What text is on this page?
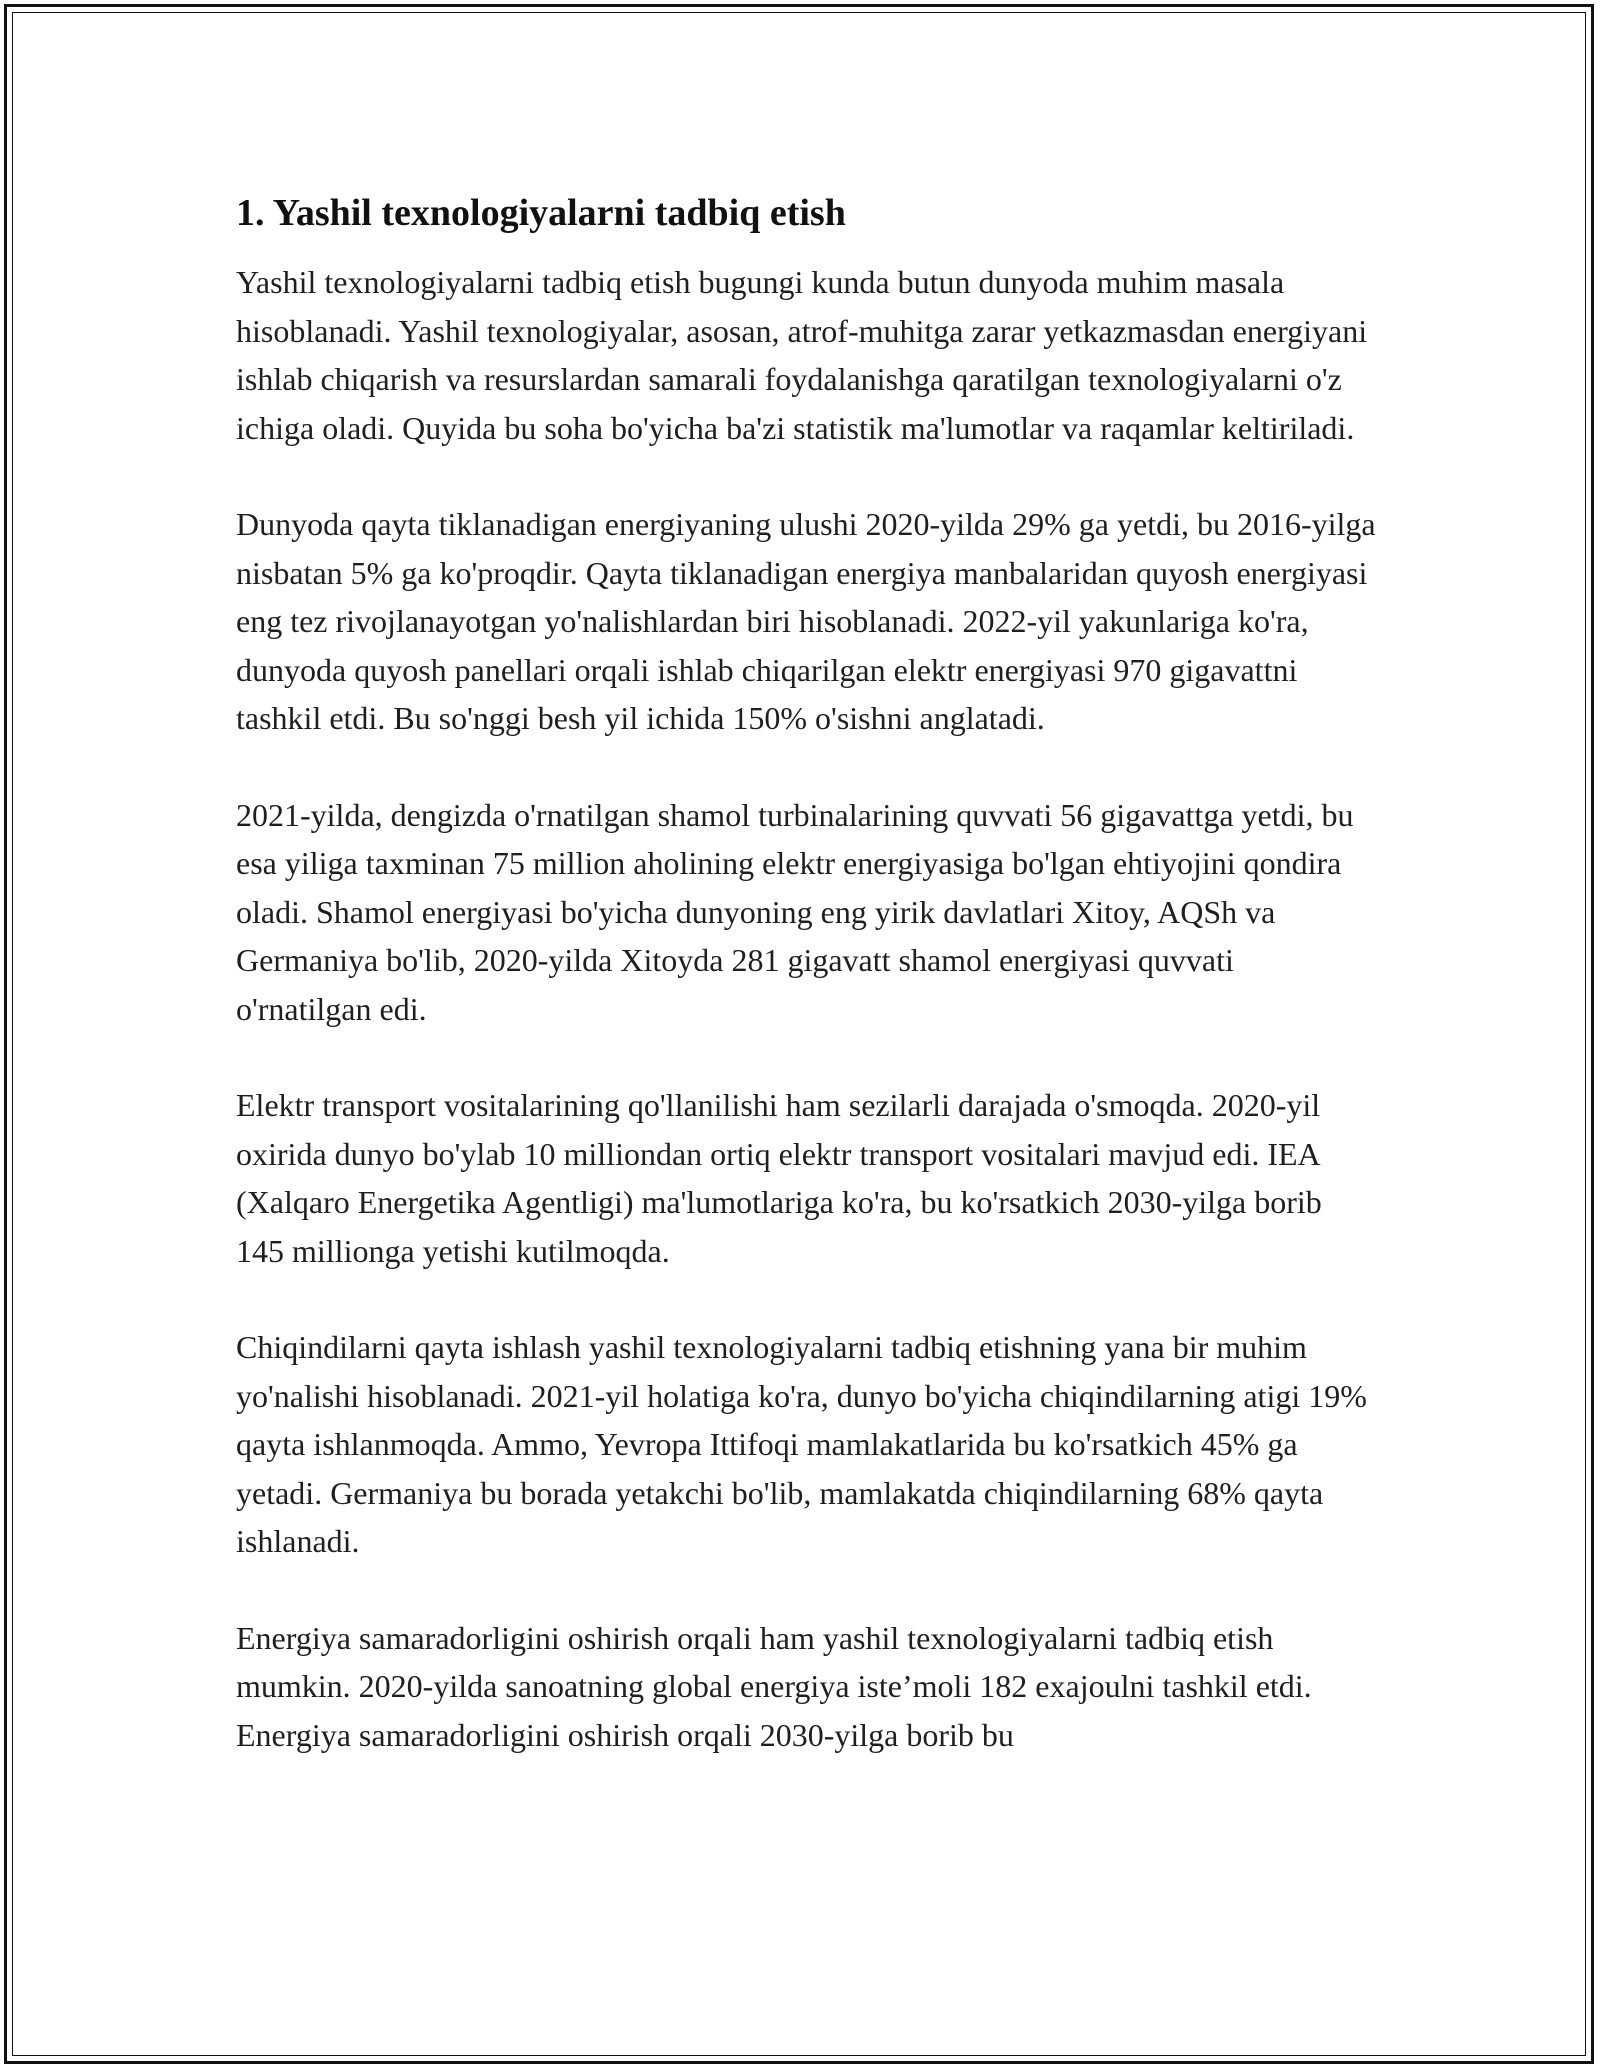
1. Yashil texnologiyalarni tadbiq etish

Yashil texnologiyalarni tadbiq etish bugungi kunda butun dunyoda muhim masala hisoblanadi. Yashil texnologiyalar, asosan, atrof-muhitga zarar yetkazmasdan energiyani ishlab chiqarish va resurslardan samarali foydalanishga qaratilgan texnologiyalarni o'z ichiga oladi. Quyida bu soha bo'yicha ba'zi statistik ma'lumotlar va raqamlar keltiriladi.

Dunyoda qayta tiklanadigan energiyaning ulushi 2020-yilda 29% ga yetdi, bu 2016-yilga nisbatan 5% ga ko'proqdir. Qayta tiklanadigan energiya manbalaridan quyosh energiyasi eng tez rivojlanayotgan yo'nalishlardan biri hisoblanadi. 2022-yil yakunlariga ko'ra, dunyoda quyosh panellari orqali ishlab chiqarilgan elektr energiyasi 970 gigavattni tashkil etdi. Bu so'nggi besh yil ichida 150% o'sishni anglatadi.

2021-yilda, dengizda o'rnatilgan shamol turbinalarining quvvati 56 gigavattga yetdi, bu esa yiliga taxminan 75 million aholining elektr energiyasiga bo'lgan ehtiyojini qondira oladi. Shamol energiyasi bo'yicha dunyoning eng yirik davlatlari Xitoy, AQSh va Germaniya bo'lib, 2020-yilda Xitoyda 281 gigavatt shamol energiyasi quvvati o'rnatilgan edi.

Elektr transport vositalarining qo'llanilishi ham sezilarli darajada o'smoqda. 2020-yil oxirida dunyo bo'ylab 10 milliondan ortiq elektr transport vositalari mavjud edi. IEA (Xalqaro Energetika Agentligi) ma'lumotlariga ko'ra, bu ko'rsatkich 2030-yilga borib 145 millionga yetishi kutilmoqda.

Chiqindilarni qayta ishlash yashil texnologiyalarni tadbiq etishning yana bir muhim yo'nalishi hisoblanadi. 2021-yil holatiga ko'ra, dunyo bo'yicha chiqindilarning atigi 19% qayta ishlanmoqda. Ammo, Yevropa Ittifoqi mamlakatlarida bu ko'rsatkich 45% ga yetadi. Germaniya bu borada yetakchi bo'lib, mamlakatda chiqindilarning 68% qayta ishlanadi.

Energiya samaradorligini oshirish orqali ham yashil texnologiyalarni tadbiq etish mumkin. 2020-yilda sanoatning global energiya iste’moli 182 exajoulni tashkil etdi. Energiya samaradorligini oshirish orqali 2030-yilga borib bu
